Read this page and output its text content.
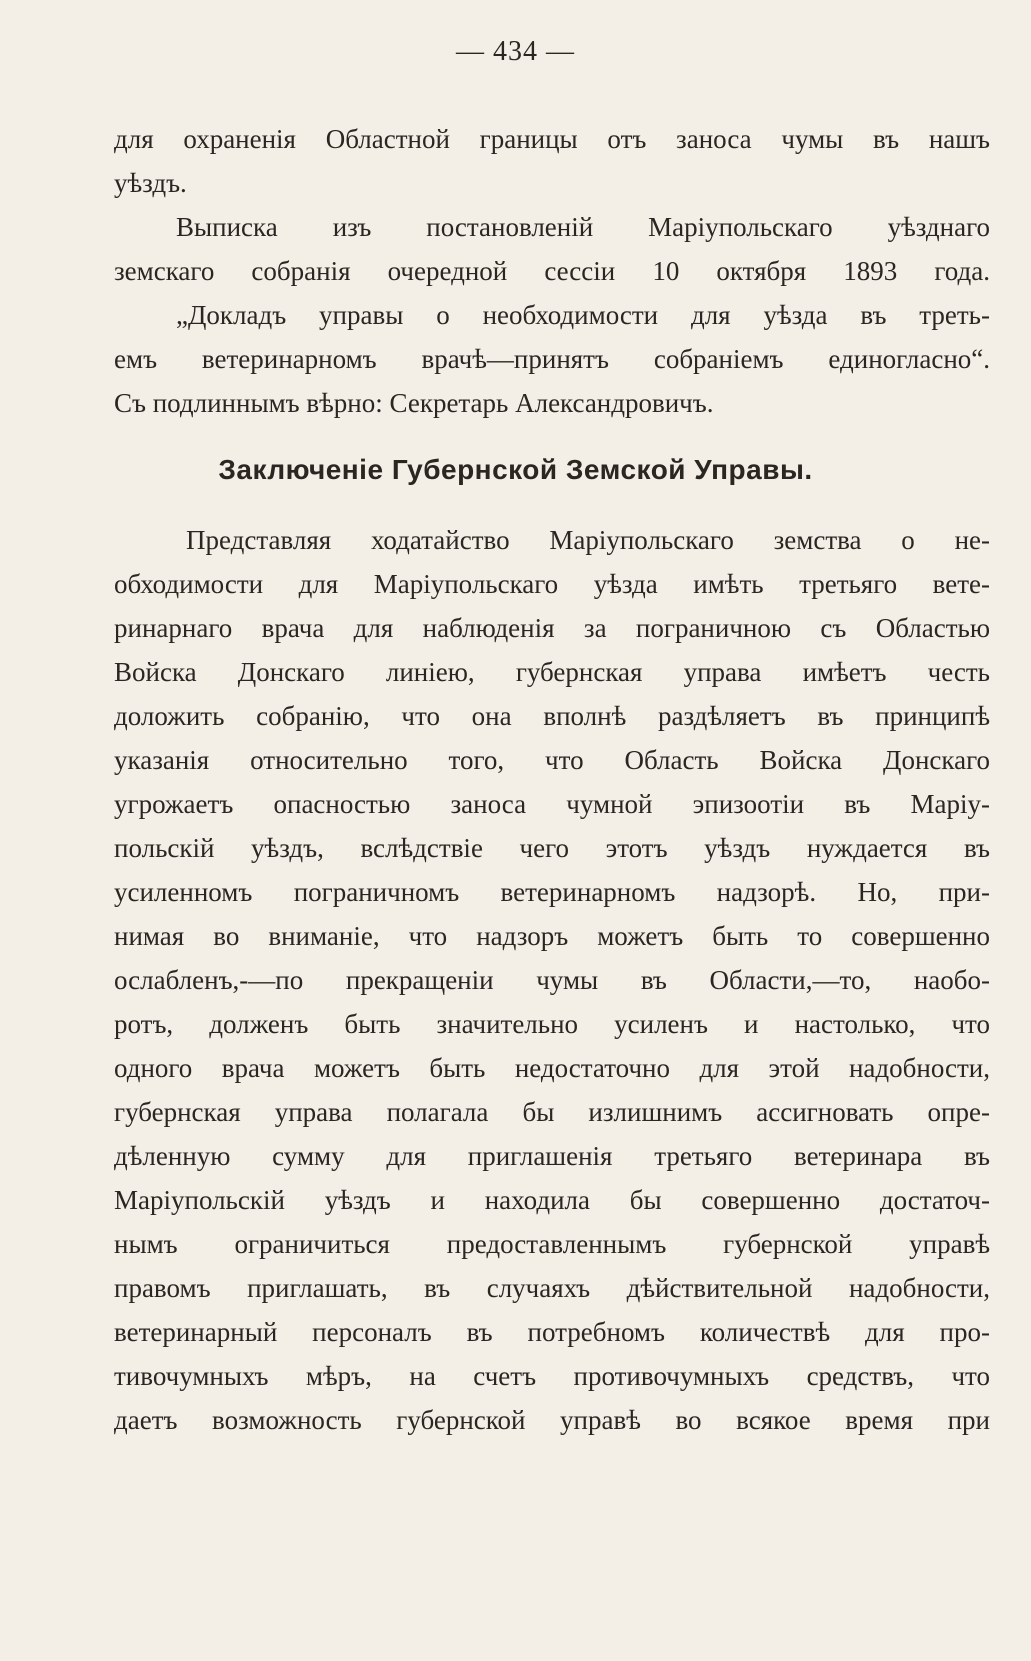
— 434 —
для охраненія Областной границы отъ заноса чумы въ нашъ
уѣздъ.
Выписка изъ постановленій Маріупольскаго уѣзднаго
земскаго собранія очередной сессіи 10 октября 1893 года.
„Докладъ управы о необходимости для уѣзда въ треть-
емъ ветеринарномъ врачѣ—принятъ собраніемъ единогласно“.
Съ подлиннымъ вѣрно: Секретарь Александровичъ.
Заключеніе Губернской Земской Управы.
Представляя ходатайство Маріупольскаго земства о не-
обходимости для Маріупольскаго уѣзда имѣть третьяго вете-
ринарнаго врача для наблюденія за пограничною съ Областью
Войска Донскаго линіею, губернская управа имѣетъ честь
доложить собранію, что она вполнѣ раздѣляетъ въ принципѣ
указанія относительно того, что Область Войска Донскаго
угрожаетъ опасностью заноса чумной эпизоотіи въ Маріу-
польскій уѣздъ, вслѣдствіе чего этотъ уѣздъ нуждается въ
усиленномъ пограничномъ ветеринарномъ надзорѣ. Но, при-
нимая во вниманіе, что надзоръ можетъ быть то совершенно
ослабленъ,-—по прекращеніи чумы въ Области,—то, наобо-
ротъ, долженъ быть значительно усиленъ и настолько, что
одного врача можетъ быть недостаточно для этой надобности,
губернская управа полагала бы излишнимъ ассигновать опре-
дѣленную сумму для приглашенія третьяго ветеринара въ
Маріупольскій уѣздъ и находила бы совершенно достаточ-
нымъ ограничиться предоставленнымъ губернской управѣ
правомъ приглашать, въ случаяхъ дѣйствительной надобности,
ветеринарный персоналъ въ потребномъ количествѣ для про-
тивочумныхъ мѣръ, на счетъ противочумныхъ средствъ, что
даетъ возможность губернской управѣ во всякое время при
